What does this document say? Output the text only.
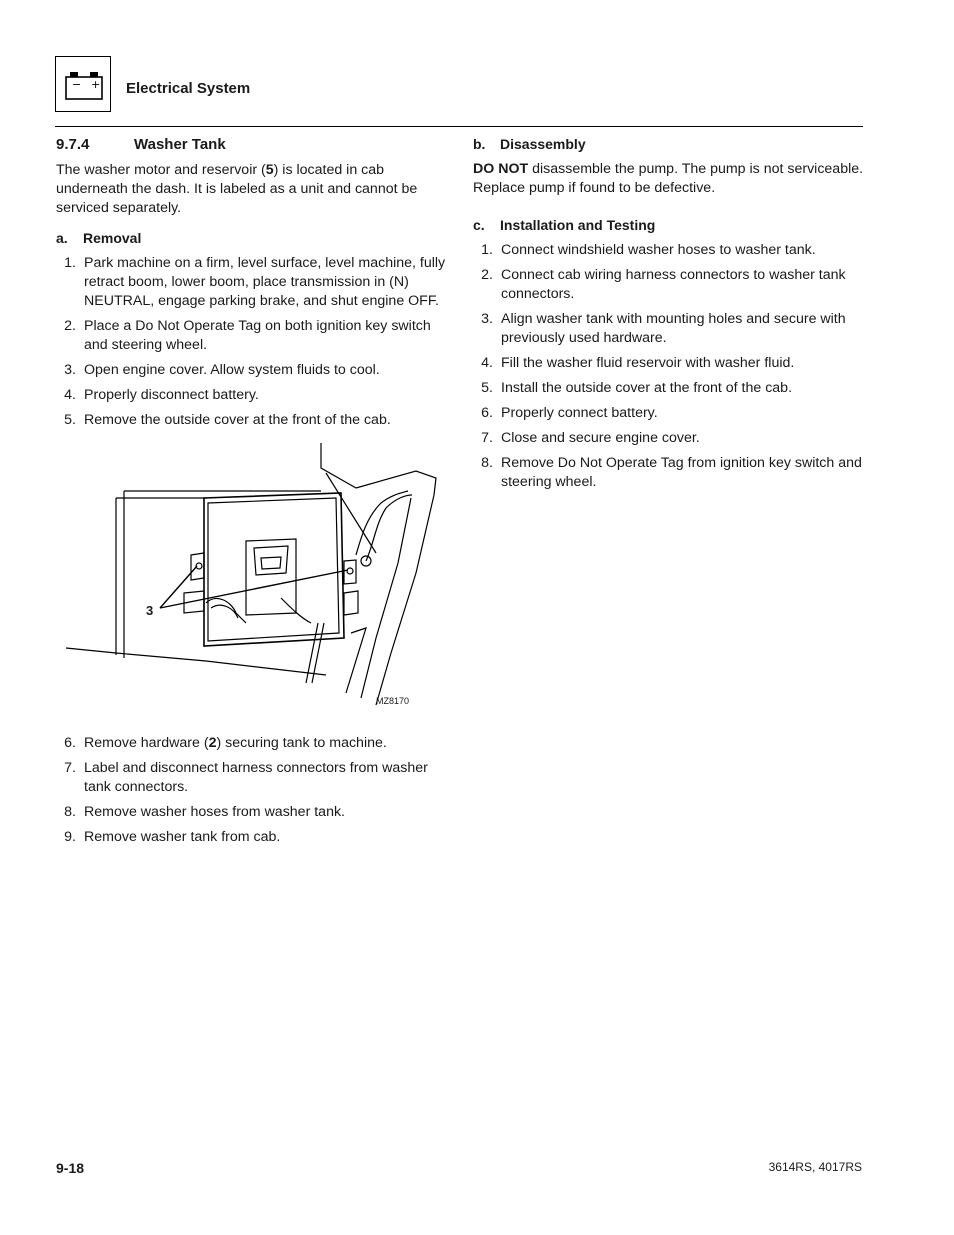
− + Electrical System
9.7.4	Washer Tank

The washer motor and reservoir (5) is located in cab underneath the dash. It is labeled as a unit and cannot be serviced separately.

a.	Removal
1. Park machine on a firm, level surface, level machine, fully retract boom, lower boom, place transmission in (N) NEUTRAL, engage parking brake, and shut engine OFF.
2. Place a Do Not Operate Tag on both ignition key switch and steering wheel.
3. Open engine cover. Allow system fluids to cool.
4. Properly disconnect battery.
5. Remove the outside cover at the front of the cab.
3
MZ8170
6. Remove hardware (2) securing tank to machine.
7. Label and disconnect harness connectors from washer tank connectors.
8. Remove washer hoses from washer tank.
9. Remove washer tank from cab.
b.	Disassembly

DO NOT disassemble the pump. The pump is not serviceable. Replace pump if found to be defective.

c.	Installation and Testing
1. Connect windshield washer hoses to washer tank.
2. Connect cab wiring harness connectors to washer tank connectors.
3. Align washer tank with mounting holes and secure with previously used hardware.
4. Fill the washer fluid reservoir with washer fluid.
5. Install the outside cover at the front of the cab.
6. Properly connect battery.
7. Close and secure engine cover.
8. Remove Do Not Operate Tag from ignition key switch and steering wheel.
9-18	3614RS, 4017RS
